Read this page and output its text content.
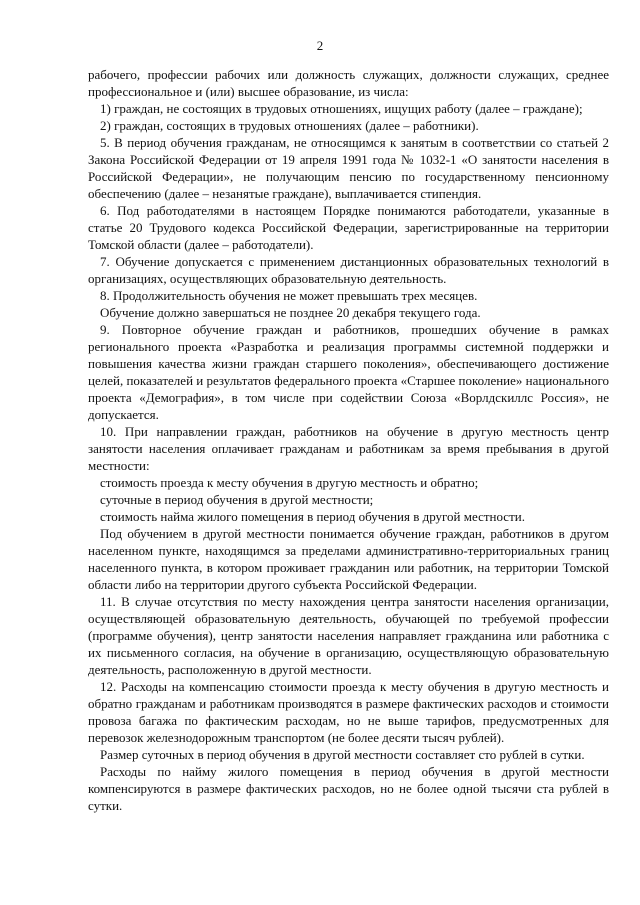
2

рабочего, профессии рабочих или должность служащих, должности служащих, среднее профессиональное и (или) высшее образование, из числа:

1) граждан, не состоящих в трудовых отношениях, ищущих работу (далее – граждане);

2) граждан, состоящих в трудовых отношениях (далее – работники).

5. В период обучения гражданам, не относящимся к занятым в соответствии со статьей 2 Закона Российской Федерации от 19 апреля 1991 года № 1032-1 «О занятости населения в Российской Федерации», не получающим пенсию по государственному пенсионному обеспечению (далее – незанятые граждане), выплачивается стипендия.

6. Под работодателями в настоящем Порядке понимаются работодатели, указанные в статье 20 Трудового кодекса Российской Федерации, зарегистрированные на территории Томской области (далее – работодатели).

7. Обучение допускается с применением дистанционных образовательных технологий в организациях, осуществляющих образовательную деятельность.

8. Продолжительность обучения не может превышать трех месяцев.

Обучение должно завершаться не позднее 20 декабря текущего года.

9. Повторное обучение граждан и работников, прошедших обучение в рамках регионального проекта «Разработка и реализация программы системной поддержки и повышения качества жизни граждан старшего поколения», обеспечивающего достижение целей, показателей и результатов федерального проекта «Старшее поколение» национального проекта «Демография», в том числе при содействии Союза «Ворлдскиллс Россия», не допускается.

10. При направлении граждан, работников на обучение в другую местность центр занятости населения оплачивает гражданам и работникам за время пребывания в другой местности:

стоимость проезда к месту обучения в другую местность и обратно;

суточные в период обучения в другой местности;

стоимость найма жилого помещения в период обучения в другой местности.

Под обучением в другой местности понимается обучение граждан, работников в другом населенном пункте, находящимся за пределами административно-территориальных границ населенного пункта, в котором проживает гражданин или работник, на территории Томской области либо на территории другого субъекта Российской Федерации.

11. В случае отсутствия по месту нахождения центра занятости населения организации, осуществляющей образовательную деятельность, обучающей по требуемой профессии (программе обучения), центр занятости населения направляет гражданина или работника с их письменного согласия, на обучение в организацию, осуществляющую образовательную деятельность, расположенную в другой местности.

12. Расходы на компенсацию стоимости проезда к месту обучения в другую местность и обратно гражданам и работникам производятся в размере фактических расходов и стоимости провоза багажа по фактическим расходам, но не выше тарифов, предусмотренных для перевозок железнодорожным транспортом (не более десяти тысяч рублей).

Размер суточных в период обучения в другой местности составляет сто рублей в сутки.

Расходы по найму жилого помещения в период обучения в другой местности компенсируются в размере фактических расходов, но не более одной тысячи ста рублей в сутки.
